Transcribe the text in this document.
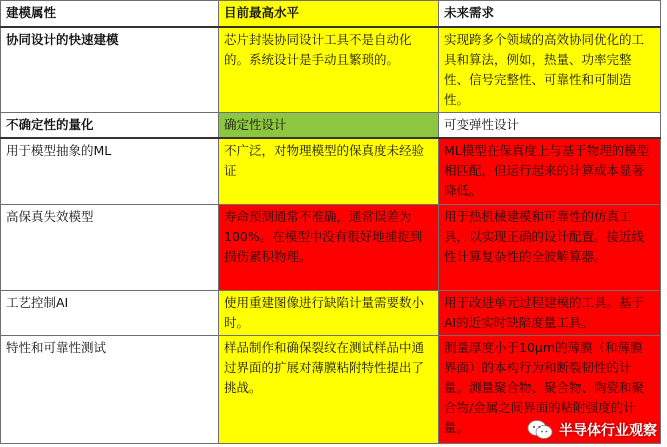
建模属性	目前最高水平	未来需求
协同设计的快速建模	芯片封装协同设计工具不是自动化的。系统设计是手动且繁琐的。	实现跨多个领域的高效协同优化的工具和算法，例如，热量、功率完整性、信号完整性、可靠性和可制造性。
不确定性的量化	确定性设计	可变弹性设计
用于模型抽象的ML	不广泛，对物理模型的保真度未经验证	ML模型在保真度上与基于物理的模型相匹配，但运行起来的计算成本显著降低。
高保真失效模型	寿命预测通常不准确，通常误差为100%。在模型中没有很好地捕捉到损伤累积物理。	用于热机械建模和可靠性的仿真工具，以实现正确的设计配置。接近线性计算复杂性的全波解算器。
工艺控制AI	使用重建图像进行缺陷计量需要数小时。	用于改进单元过程建模的工具。基于AI的近实时缺陷度量工具。
特性和可靠性测试	样品制作和确保裂纹在测试样品中通过界面的扩展对薄膜粘附特性提出了挑战。	测量厚度小于10μm的薄膜（和薄膜界面）的本构行为和断裂韧性的计量。测量聚合物、聚合物、陶瓷和聚合物/金属之间界面的粘附强度的计量。	半导体行业观察
